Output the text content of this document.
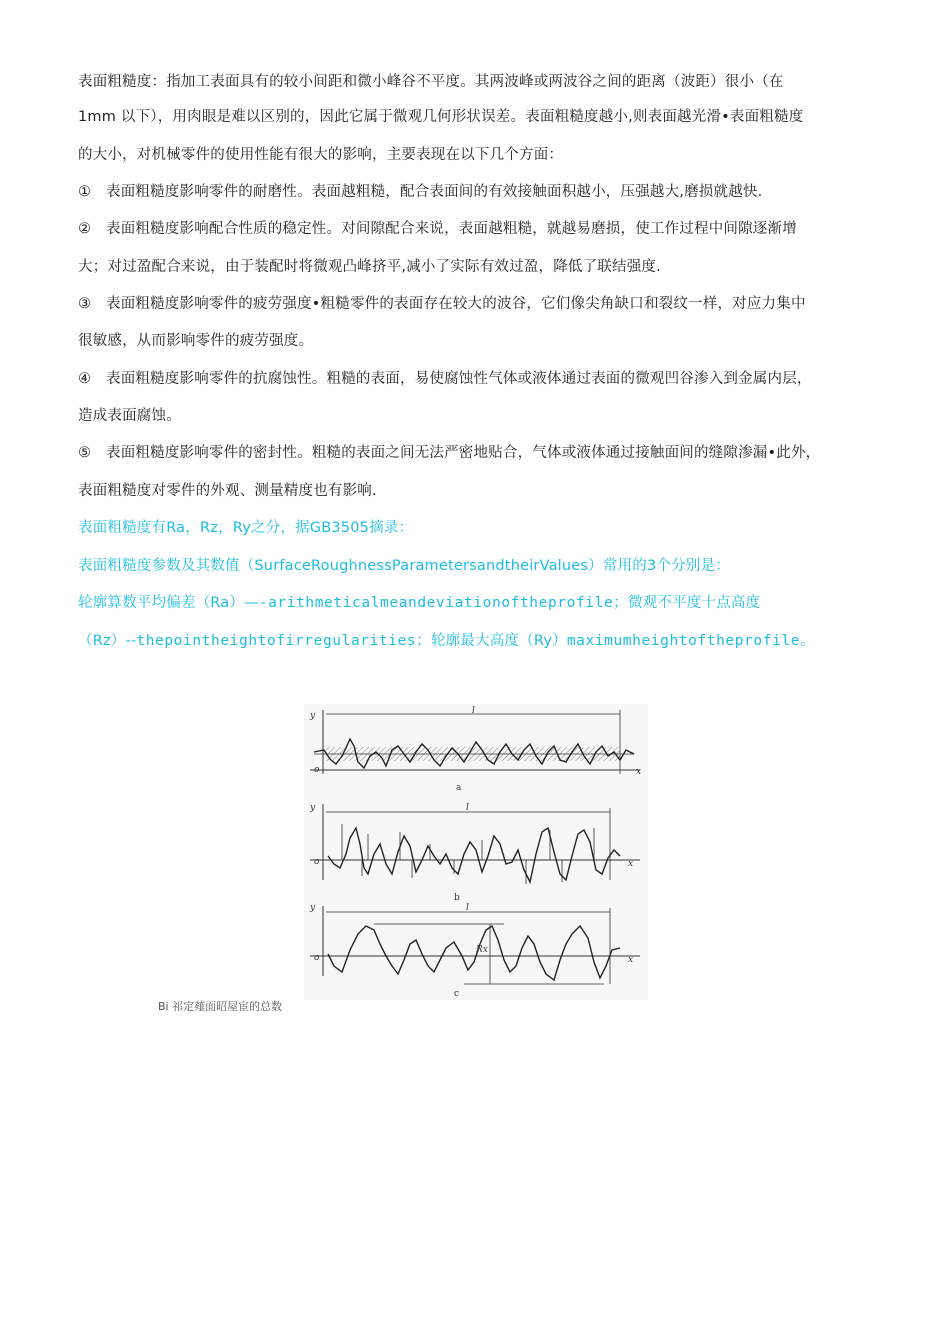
表面粗糙度：指加工表面具有的较小间距和微小峰谷不平度。其两波峰或两波谷之间的距离（波距）很小（在
1mm 以下），用肉眼是难以区别的，因此它属于微观几何形状误差。表面粗糙度越小,则表面越光滑•表面粗糙度
的大小，对机械零件的使用性能有很大的影响，主要表现在以下几个方面：
① 表面粗糙度影响零件的耐磨性。表面越粗糙，配合表面间的有效接触面积越小，压强越大,磨损就越快.
② 表面粗糙度影响配合性质的稳定性。对间隙配合来说，表面越粗糙，就越易磨损，使工作过程中间隙逐渐增
大；对过盈配合来说，由于装配时将微观凸峰挤平,减小了实际有效过盈，降低了联结强度.
③ 表面粗糙度影响零件的疲劳强度•粗糙零件的表面存在较大的波谷，它们像尖角缺口和裂纹一样，对应力集中
很敏感，从而影响零件的疲劳强度。
④ 表面粗糙度影响零件的抗腐蚀性。粗糙的表面，易使腐蚀性气体或液体通过表面的微观凹谷渗入到金属内层，
造成表面腐蚀。
⑤ 表面粗糙度影响零件的密封性。粗糙的表面之间无法严密地贴合，气体或液体通过接触面间的缝隙渗漏•此外，
表面粗糙度对零件的外观、测量精度也有影响.
表面粗糙度有Ra，Rz，Ry之分，据GB3505摘录：
表面粗糙度参数及其数值（SurfaceRoughnessParametersandtheirValues）常用的3个分别是：
轮廓算数平均偏差（Ra）—-arithmeticalmeandeviationoftheprofile；微观不平度十点高度
（Rz）--thepointheightofirregularities；轮廓最大高度（Ry）maximumheightoftheprofile。
y	l
o	x
a
y	l
o	x
b
y	l
o	x
Rx
c
Bi 祁定薤面昭屋宦的总数
